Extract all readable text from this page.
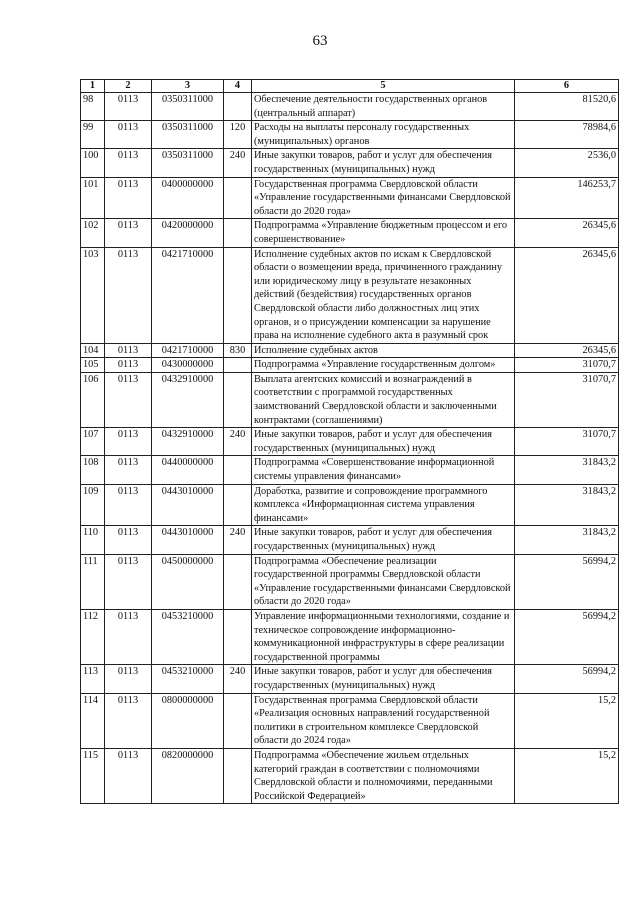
63
1	2	3	4	5	6
98	0113	0350311000		Обеспечение деятельности государственных органов (центральный аппарат)	81520,6
99	0113	0350311000	120	Расходы на выплаты персоналу государственных (муниципальных) органов	78984,6
100	0113	0350311000	240	Иные закупки товаров, работ и услуг для обеспечения государственных (муниципальных) нужд	2536,0
101	0113	0400000000		Государственная программа Свердловской области «Управление государственными финансами Свердловской области до 2020 года»	146253,7
102	0113	0420000000		Подпрограмма «Управление бюджетным процессом и его совершенствование»	26345,6
103	0113	0421710000		Исполнение судебных актов по искам к Свердловской области о возмещении вреда, причиненного гражданину или юридическому лицу в результате незаконных действий (бездействия) государственных органов Свердловской области либо должностных лиц этих органов, и о присуждении компенсации за нарушение права на исполнение судебного акта в разумный срок	26345,6
104	0113	0421710000	830	Исполнение судебных актов	26345,6
105	0113	0430000000		Подпрограмма «Управление государственным долгом»	31070,7
106	0113	0432910000		Выплата агентских комиссий и вознаграждений в соответствии с программой государственных заимствований Свердловской области и заключенными контрактами (соглашениями)	31070,7
107	0113	0432910000	240	Иные закупки товаров, работ и услуг для обеспечения государственных (муниципальных) нужд	31070,7
108	0113	0440000000		Подпрограмма «Совершенствование информационной системы управления финансами»	31843,2
109	0113	0443010000		Доработка, развитие и сопровождение программного комплекса «Информационная система управления финансами»	31843,2
110	0113	0443010000	240	Иные закупки товаров, работ и услуг для обеспечения государственных (муниципальных) нужд	31843,2
111	0113	0450000000		Подпрограмма «Обеспечение реализации государственной программы Свердловской области «Управление государственными финансами Свердловской области до 2020 года»	56994,2
112	0113	0453210000		Управление информационными технологиями, создание и техническое сопровождение информационно-коммуникационной инфраструктуры в сфере реализации государственной программы	56994,2
113	0113	0453210000	240	Иные закупки товаров, работ и услуг для обеспечения государственных (муниципальных) нужд	56994,2
114	0113	0800000000		Государственная программа Свердловской области «Реализация основных направлений государственной политики в строительном комплексе Свердловской области до 2024 года»	15,2
115	0113	0820000000		Подпрограмма «Обеспечение жильем отдельных категорий граждан в соответствии с полномочиями Свердловской области и полномочиями, переданными Российской Федерацией»	15,2
